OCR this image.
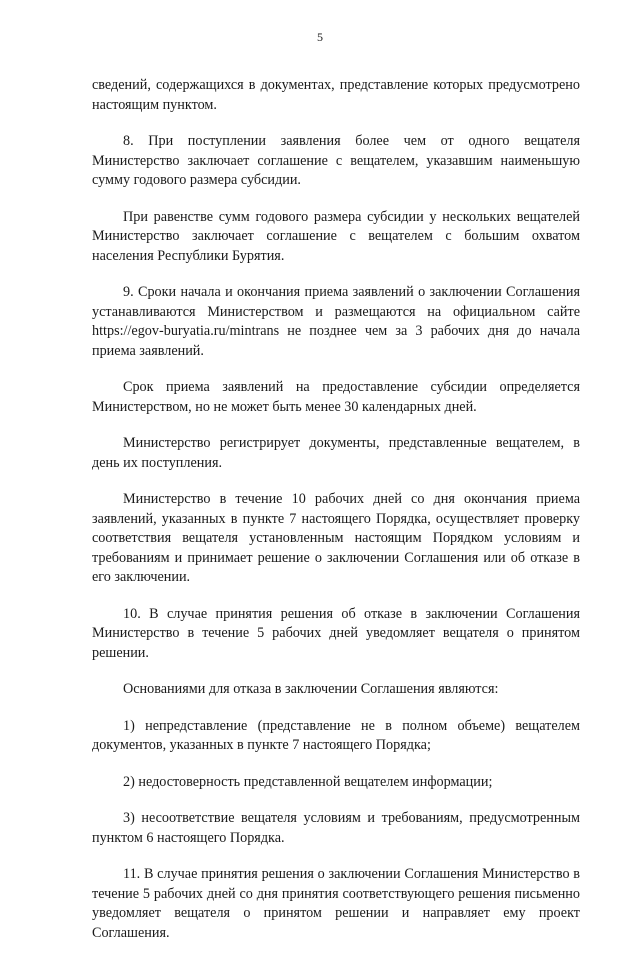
5

сведений, содержащихся в документах, представление которых предусмотрено настоящим пунктом.

8. При поступлении заявления более чем от одного вещателя Министерство заключает соглашение с вещателем, указавшим наименьшую сумму годового размера субсидии.

При равенстве сумм годового размера субсидии у нескольких вещателей Министерство заключает соглашение с вещателем с большим охватом населения Республики Бурятия.

9. Сроки начала и окончания приема заявлений о заключении Соглашения устанавливаются Министерством и размещаются на официальном сайте https://egov-buryatia.ru/mintrans не позднее чем за 3 рабочих дня до начала приема заявлений.

Срок приема заявлений на предоставление субсидии определяется Министерством, но не может быть менее 30 календарных дней.

Министерство регистрирует документы, представленные вещателем, в день их поступления.

Министерство в течение 10 рабочих дней со дня окончания приема заявлений, указанных в пункте 7 настоящего Порядка, осуществляет проверку соответствия вещателя установленным настоящим Порядком условиям и требованиям и принимает решение о заключении Соглашения или об отказе в его заключении.

10. В случае принятия решения об отказе в заключении Соглашения Министерство в течение 5 рабочих дней уведомляет вещателя о принятом решении.

Основаниями для отказа в заключении Соглашения являются:

1) непредставление (представление не в полном объеме) вещателем документов, указанных в пункте 7 настоящего Порядка;

2) недостоверность представленной вещателем информации;

3) несоответствие вещателя условиям и требованиям, предусмотренным пунктом 6 настоящего Порядка.

11. В случае принятия решения о заключении Соглашения Министерство в течение 5 рабочих дней со дня принятия соответствующего решения письменно уведомляет вещателя о принятом решении и направляет ему проект Соглашения.
